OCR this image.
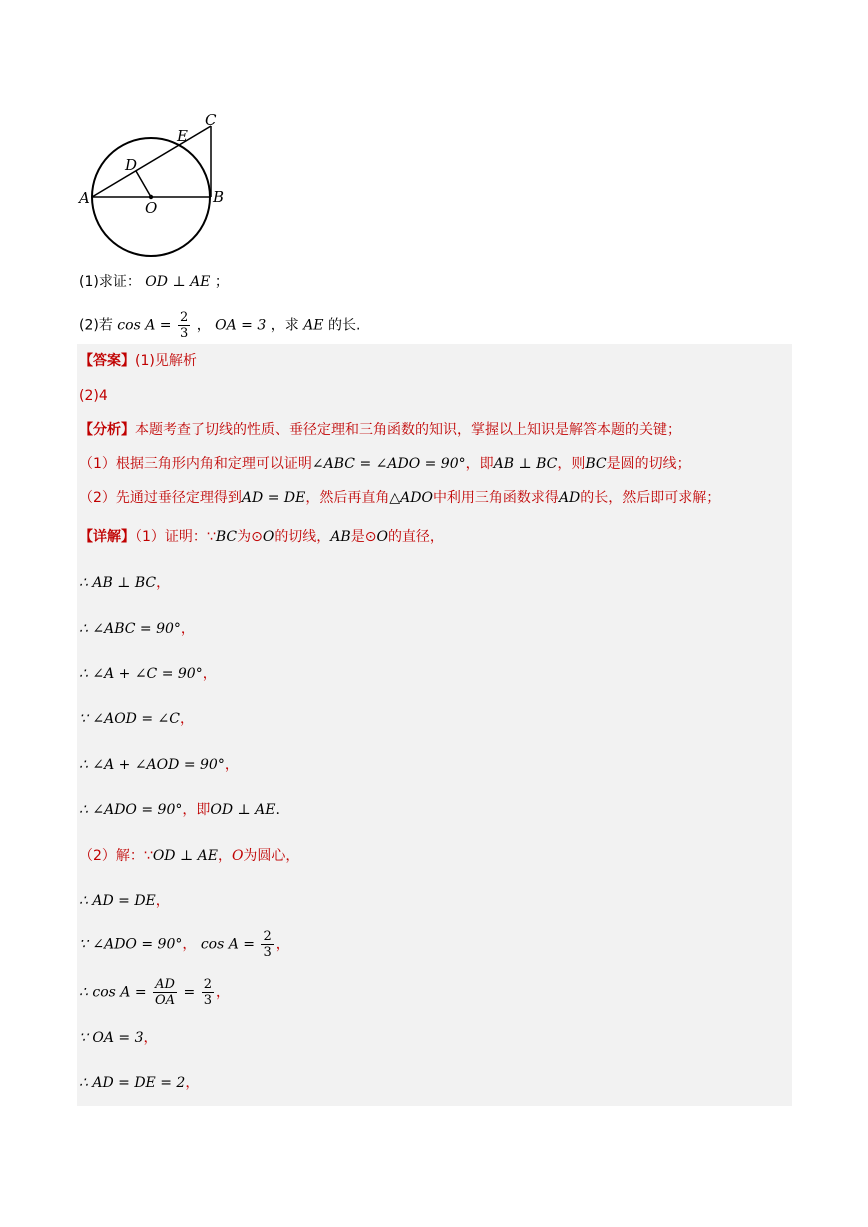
A	B
C
D
E
O
(1)求证： OD ⊥ AE ；
(2)若 $\cos A = \frac{2}{3}$ ， OA = 3 ，求 AE 的长.
【答案】(1)见解析
(2)4
【分析】本题考查了切线的性质、垂径定理和三角函数的知识，掌握以上知识是解答本题的关键；
（1）根据三角形内角和定理可以证明∠ABC = ∠ADO = 90°，即AB ⊥ BC，则BC是圆的切线；
（2）先通过垂径定理得到AD = DE，然后再直角△ADO中利用三角函数求得AD的长，然后即可求解；
【详解】（1）证明：∵BC为⊙O的切线，AB是⊙O的直径，
∴ AB ⊥ BC，
∴ ∠ABC = 90°，
∴ ∠A + ∠C = 90°，
∵ ∠AOD = ∠C，
∴ ∠A + ∠AOD = 90°，
∴ ∠ADO = 90°，即OD ⊥ AE.
（2）解：∵OD ⊥ AE，O为圆心，
∴ AD = DE，
∵ ∠ADO = 90°， $\cos A = \frac{2}{3}$ ，
∴ $\cos A = \frac{AD}{OA} = \frac{2}{3}$ ，
∵ OA = 3，
∴ AD = DE = 2，
